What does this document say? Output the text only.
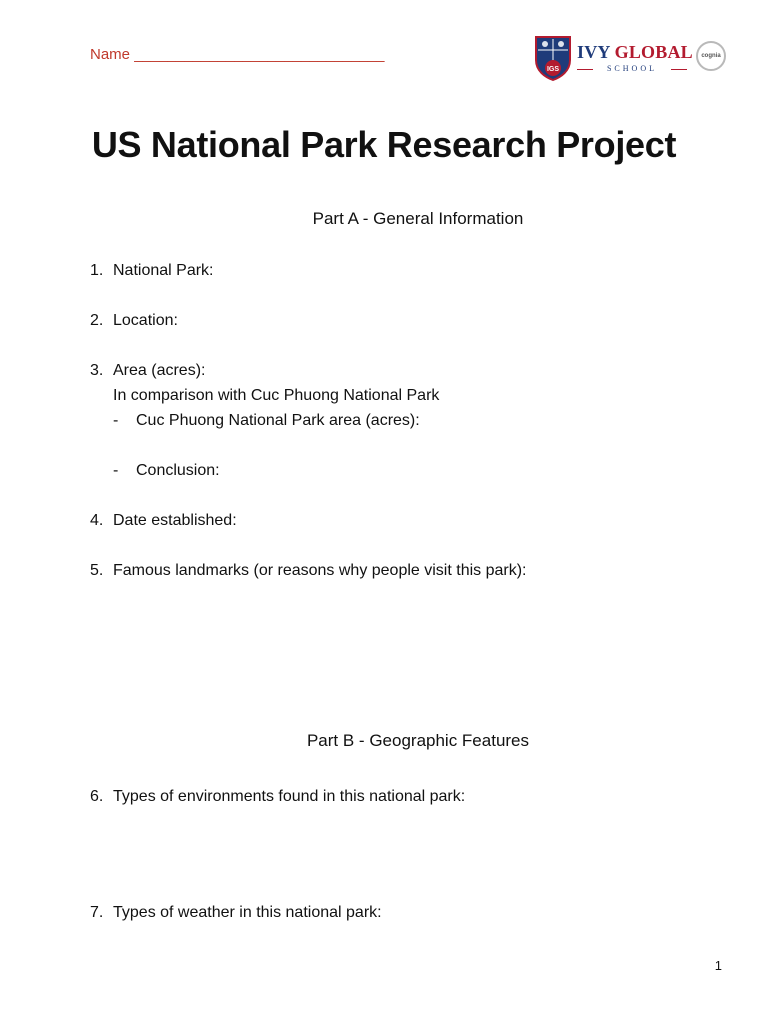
Name ______________________________
IGS
IVY GLOBAL
SCHOOL
cognia
US National Park Research Project
Part A - General Information
1. National Park:
2. Location:
3. Area (acres):
In comparison with Cuc Phuong National Park
- Cuc Phuong National Park area (acres):
- Conclusion:
4. Date established:
5. Famous landmarks (or reasons why people visit this park):
Part B - Geographic Features
6. Types of environments found in this national park:
7. Types of weather in this national park:
1
